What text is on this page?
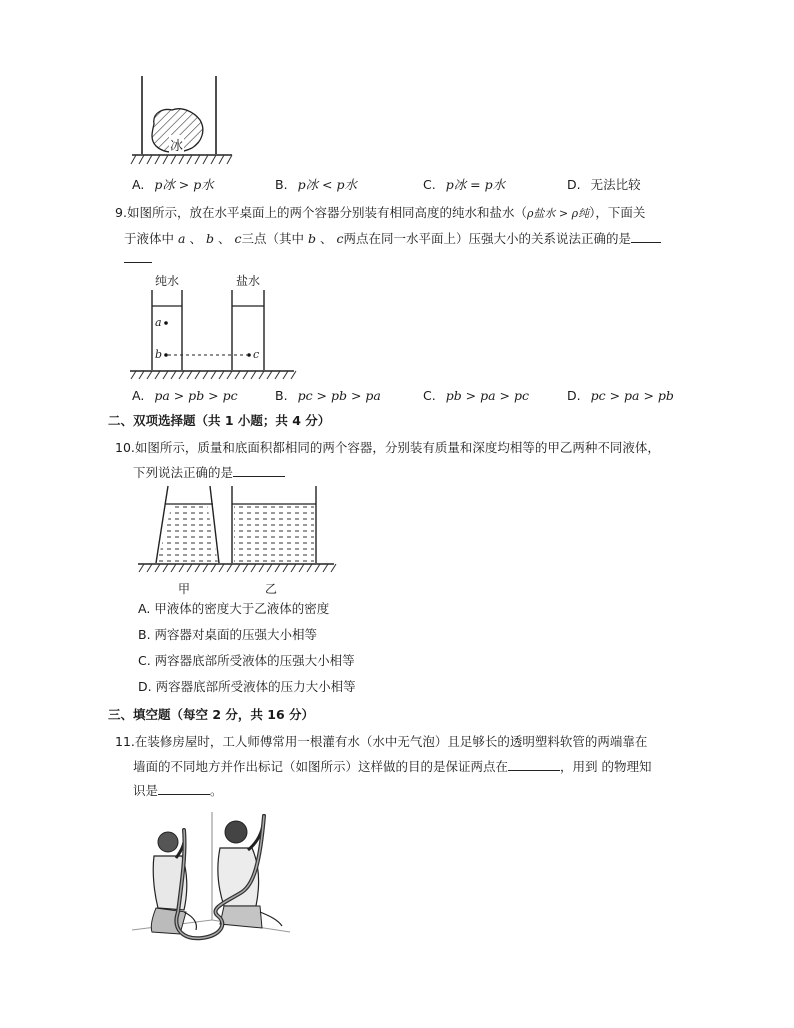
冰
A. p冰 > p水	B. p冰 < p水	C. p冰 = p水	D. 无法比较
9.如图所示，放在水平桌面上的两个容器分别装有相同高度的纯水和盐水（ρ盐水 > ρ纯），下面关
于液体中 a 、 b 、 c三点（其中 b 、 c两点在同一水平面上）压强大小的关系说法正确的是
纯水	盐水
a
b	c
A. pa > pb > pc	B. pc > pb > pa	C. pb > pa > pc	D. pc > pa > pb
二、双项选择题（共 1 小题；共 4 分）
10.如图所示，质量和底面积都相同的两个容器，分别装有质量和深度均相等的甲乙两种不同液体，
下列说法正确的是
甲	乙
A. 甲液体的密度大于乙液体的密度
B. 两容器对桌面的压强大小相等
C. 两容器底部所受液体的压强大小相等
D. 两容器底部所受液体的压力大小相等
三、填空题（每空 2 分，共 16 分）
11.在装修房屋时，工人师傅常用一根灌有水（水中无气泡）且足够长的透明塑料软管的两端靠在
墙面的不同地方并作出标记（如图所示）这样做的目的是保证两点在	，用到 的物理知
识是	。
